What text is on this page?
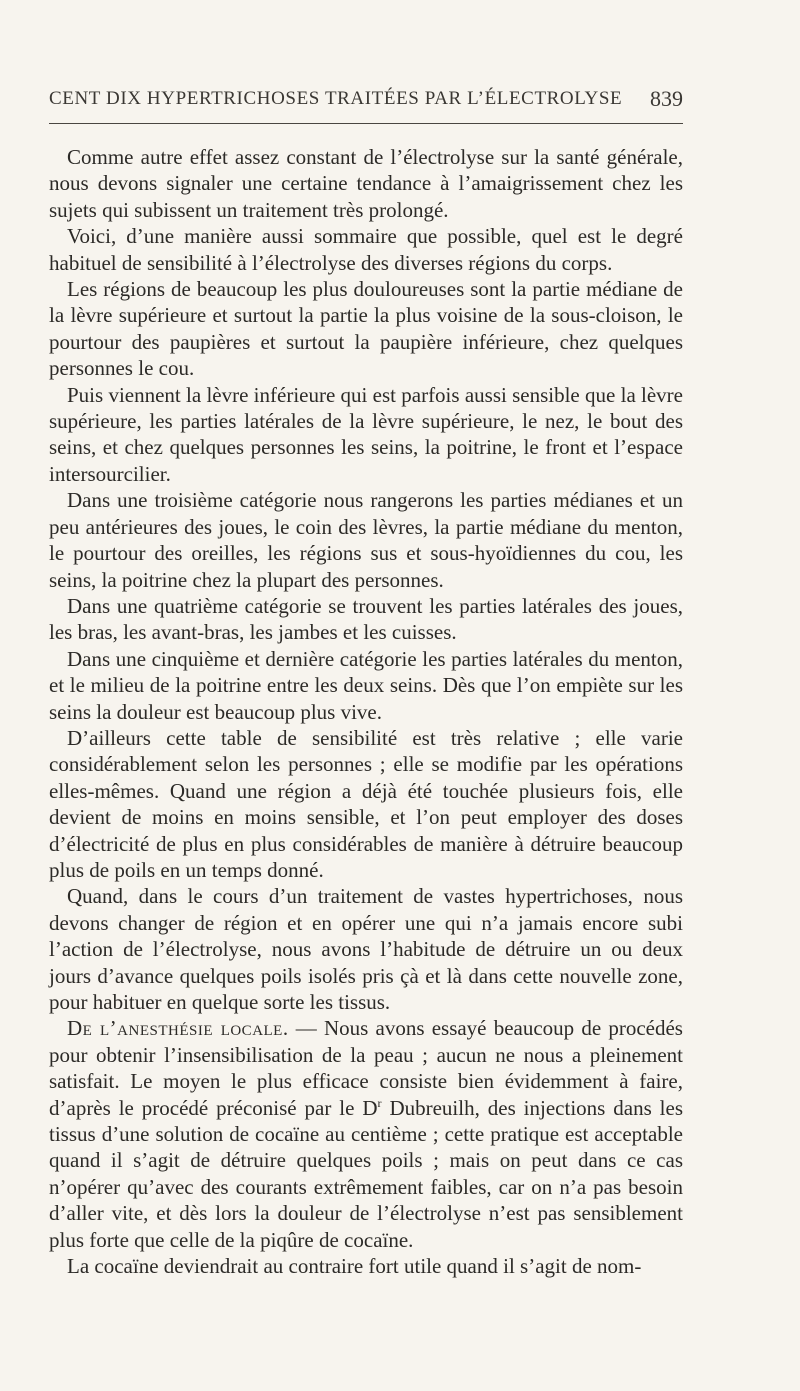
CENT DIX HYPERTRICHOSES TRAITÉES PAR L’ÉLECTROLYSE 839

Comme autre effet assez constant de l’électrolyse sur la santé générale, nous devons signaler une certaine tendance à l’amaigrissement chez les sujets qui subissent un traitement très prolongé.

Voici, d’une manière aussi sommaire que possible, quel est le degré habituel de sensibilité à l’électrolyse des diverses régions du corps.

Les régions de beaucoup les plus douloureuses sont la partie médiane de la lèvre supérieure et surtout la partie la plus voisine de la sous-cloison, le pourtour des paupières et surtout la paupière inférieure, chez quelques personnes le cou.

Puis viennent la lèvre inférieure qui est parfois aussi sensible que la lèvre supérieure, les parties latérales de la lèvre supérieure, le nez, le bout des seins, et chez quelques personnes les seins, la poitrine, le front et l’espace intersourcilier.

Dans une troisième catégorie nous rangerons les parties médianes et un peu antérieures des joues, le coin des lèvres, la partie médiane du menton, le pourtour des oreilles, les régions sus et sous-hyoïdiennes du cou, les seins, la poitrine chez la plupart des personnes.

Dans une quatrième catégorie se trouvent les parties latérales des joues, les bras, les avant-bras, les jambes et les cuisses.

Dans une cinquième et dernière catégorie les parties latérales du menton, et le milieu de la poitrine entre les deux seins. Dès que l’on empiète sur les seins la douleur est beaucoup plus vive.

D’ailleurs cette table de sensibilité est très relative ; elle varie considérablement selon les personnes ; elle se modifie par les opérations elles-mêmes. Quand une région a déjà été touchée plusieurs fois, elle devient de moins en moins sensible, et l’on peut employer des doses d’électricité de plus en plus considérables de manière à détruire beaucoup plus de poils en un temps donné.

Quand, dans le cours d’un traitement de vastes hypertrichoses, nous devons changer de région et en opérer une qui n’a jamais encore subi l’action de l’électrolyse, nous avons l’habitude de détruire un ou deux jours d’avance quelques poils isolés pris çà et là dans cette nouvelle zone, pour habituer en quelque sorte les tissus.

De l’anesthésie locale. — Nous avons essayé beaucoup de procédés pour obtenir l’insensibilisation de la peau ; aucun ne nous a pleinement satisfait. Le moyen le plus efficace consiste bien évidemment à faire, d’après le procédé préconisé par le $D^r$ Dubreuilh, des injections dans les tissus d’une solution de cocaïne au centième ; cette pratique est acceptable quand il s’agit de détruire quelques poils ; mais on peut dans ce cas n’opérer qu’avec des courants extrêmement faibles, car on n’a pas besoin d’aller vite, et dès lors la douleur de l’électrolyse n’est pas sensiblement plus forte que celle de la piqûre de cocaïne.

La cocaïne deviendrait au contraire fort utile quand il s’agit de nom-
